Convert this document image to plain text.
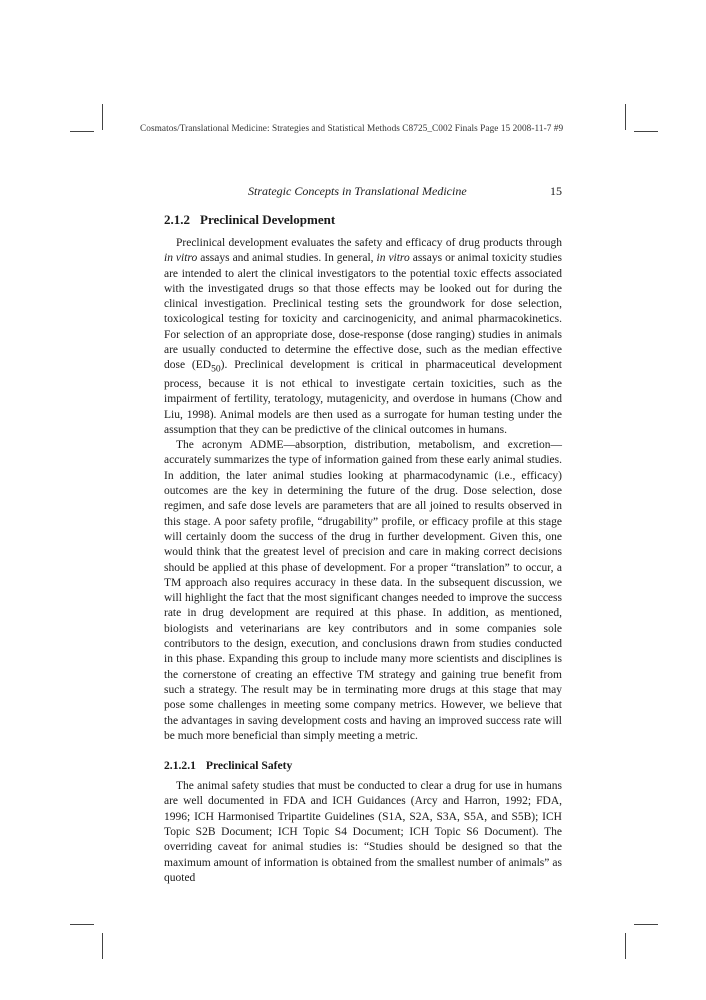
Cosmatos/Translational Medicine: Strategies and Statistical Methods C8725_C002 Finals Page 15 2008-11-7 #9
Strategic Concepts in Translational Medicine	15
2.1.2 Preclinical Development

Preclinical development evaluates the safety and efficacy of drug products through in vitro assays and animal studies. In general, in vitro assays or animal toxicity studies are intended to alert the clinical investigators to the potential toxic effects associated with the investigated drugs so that those effects may be looked out for during the clinical investigation. Preclinical testing sets the groundwork for dose selection, toxicological testing for toxicity and carcinogenicity, and animal pharmacokinetics. For selection of an appropriate dose, dose-response (dose ranging) studies in animals are usually conducted to determine the effective dose, such as the median effective dose $(ED_{50})$. Preclinical development is critical in pharmaceutical development process, because it is not ethical to investigate certain toxicities, such as the impairment of fertility, teratology, mutagenicity, and overdose in humans (Chow and Liu, 1998). Animal models are then used as a surrogate for human testing under the assumption that they can be predictive of the clinical outcomes in humans.

The acronym ADME—absorption, distribution, metabolism, and excretion—accurately summarizes the type of information gained from these early animal studies. In addition, the later animal studies looking at pharmacodynamic (i.e., efficacy) outcomes are the key in determining the future of the drug. Dose selection, dose regimen, and safe dose levels are parameters that are all joined to results observed in this stage. A poor safety profile, “drugability” profile, or efficacy profile at this stage will certainly doom the success of the drug in further development. Given this, one would think that the greatest level of precision and care in making correct decisions should be applied at this phase of development. For a proper “translation” to occur, a TM approach also requires accuracy in these data. In the subsequent discussion, we will highlight the fact that the most significant changes needed to improve the success rate in drug development are required at this phase. In addition, as mentioned, biologists and veterinarians are key contributors and in some companies sole contributors to the design, execution, and conclusions drawn from studies conducted in this phase. Expanding this group to include many more scientists and disciplines is the cornerstone of creating an effective TM strategy and gaining true benefit from such a strategy. The result may be in terminating more drugs at this stage that may pose some challenges in meeting some company metrics. However, we believe that the advantages in saving development costs and having an improved success rate will be much more beneficial than simply meeting a metric.

2.1.2.1 Preclinical Safety

The animal safety studies that must be conducted to clear a drug for use in humans are well documented in FDA and ICH Guidances (Arcy and Harron, 1992; FDA, 1996; ICH Harmonised Tripartite Guidelines (S1A, S2A, S3A, S5A, and S5B); ICH Topic S2B Document; ICH Topic S4 Document; ICH Topic S6 Document). The overriding caveat for animal studies is: “Studies should be designed so that the maximum amount of information is obtained from the smallest number of animals” as quoted
